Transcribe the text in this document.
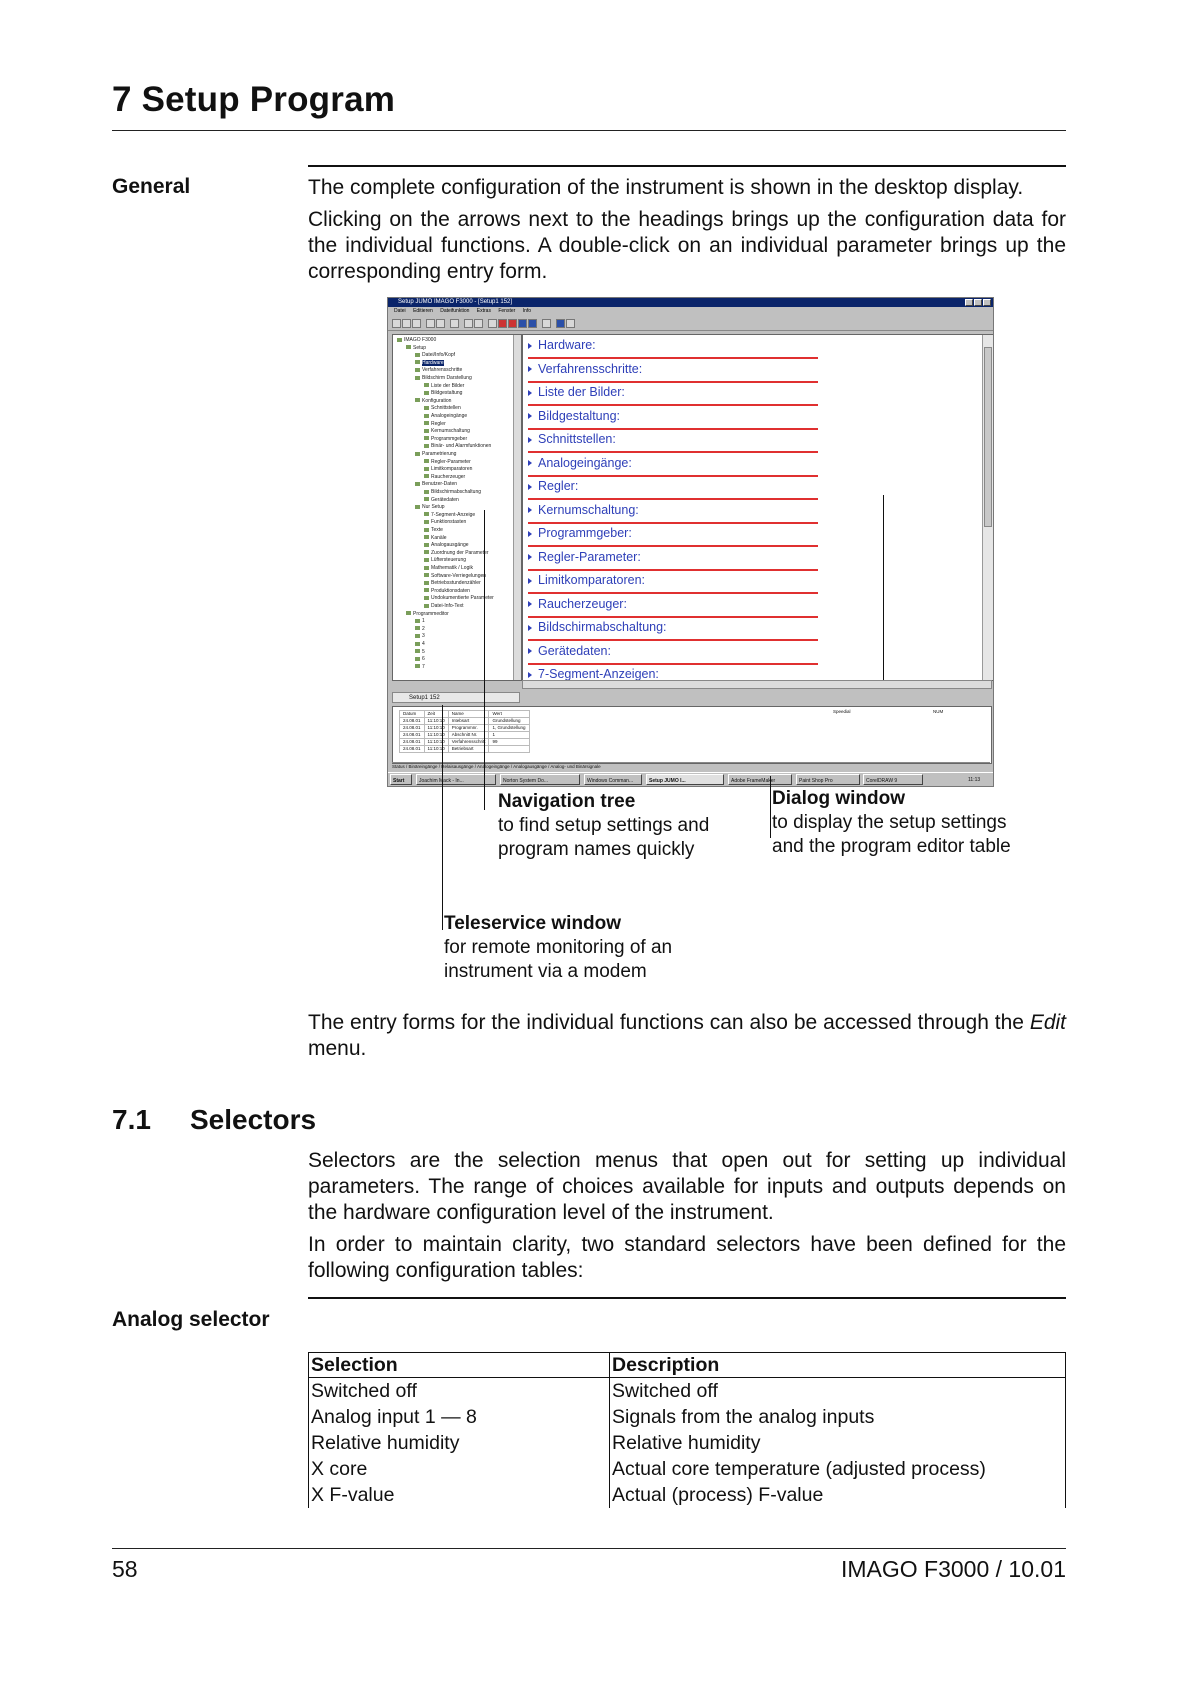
7 Setup Program
General	The complete configuration of the instrument is shown in the desktop display.

Clicking on the arrows next to the headings brings up the configuration data for the individual functions. A double-click on an individual parameter brings up the corresponding entry form.

Setup JUMO IMAGO F3000 - [Setup1 152]
Datei Editieren Dateifunktion Extras Fenster Info
IMAGO F3000
Setup
Datei/Info/Kopf
Hardware
Verfahrensschritte
Bildschirm Darstellung
Liste der Bilder
Bildgestaltung
Konfiguration
Schnittstellen
Analogeingänge
Regler
Kernumschaltung
Programmgeber
Binär- und Alarmfunktionen
Parametrierung
Regler-Parameter
Limitkomparatoren
Raucherzeuger
Benutzer-Daten
Bildschirmabschaltung
Gerätedaten
Nur Setup
7-Segment-Anzeige
Funktionstasten
Texte
Kanäle
Analogausgänge
Zuordnung der Parameter
Lüftersteuerung
Mathematik / Logik
Software-Verriegelungen
Betriebsstundenzähler
Produktionsdaten
Undokumentierte Parameter
Datei-Info-Text
Programmeditor
1
2
3
4
5
6
7
Hardware:
Verfahrensschritte:
Liste der Bilder:
Bildgestaltung:
Schnittstellen:
Analogeingänge:
Regler:
Kernumschaltung:
Programmgeber:
Regler-Parameter:
Limitkomparatoren:
Raucherzeuger:
Bildschirmabschaltung:
Gerätedaten:
7-Segment-Anzeigen:
Setup1 152
Datum	Zeit	Name	Wert
24.08.01	11:10:10	Intebsart	Grundstellung
24.08.01	11:10:10	Programmnr.	1, Grundstellung
24.08.01	11:10:10	Abschnitt Nr.	1
24.08.01	11:10:10	Verfahrensschritt	99
24.08.01	11:10:10	Betriebsart	
Speedial	NUM
Status / Binäreingänge / Relaisausgänge / Analogeingänge / Analogausgänge / Analog- und Binärsignale
Start	Joachim Mack - In...	Norton System Do...	Windows Comman...	Setup JUMO I...	Adobe FrameMaker	Paint Shop Pro	CorelDRAW 9	11:13
Navigation tree
to find setup settings and
program names quickly
Dialog window
to display the setup settings
and the program editor table
Teleservice window
for remote monitoring of an
instrument via a modem

The entry forms for the individual functions can also be accessed through the Edit menu.

7.1 Selectors

Selectors are the selection menus that open out for setting up individual parameters. The range of choices available for inputs and outputs depends on the hardware configuration level of the instrument.

In order to maintain clarity, two standard selectors have been defined for the following configuration tables:

Analog selector
Selection	Description
Switched off	Switched off
Analog input 1 — 8	Signals from the analog inputs
Relative humidity	Relative humidity
X core	Actual core temperature (adjusted process)
X F-value	Actual (process) F-value
58	IMAGO F3000 / 10.01
